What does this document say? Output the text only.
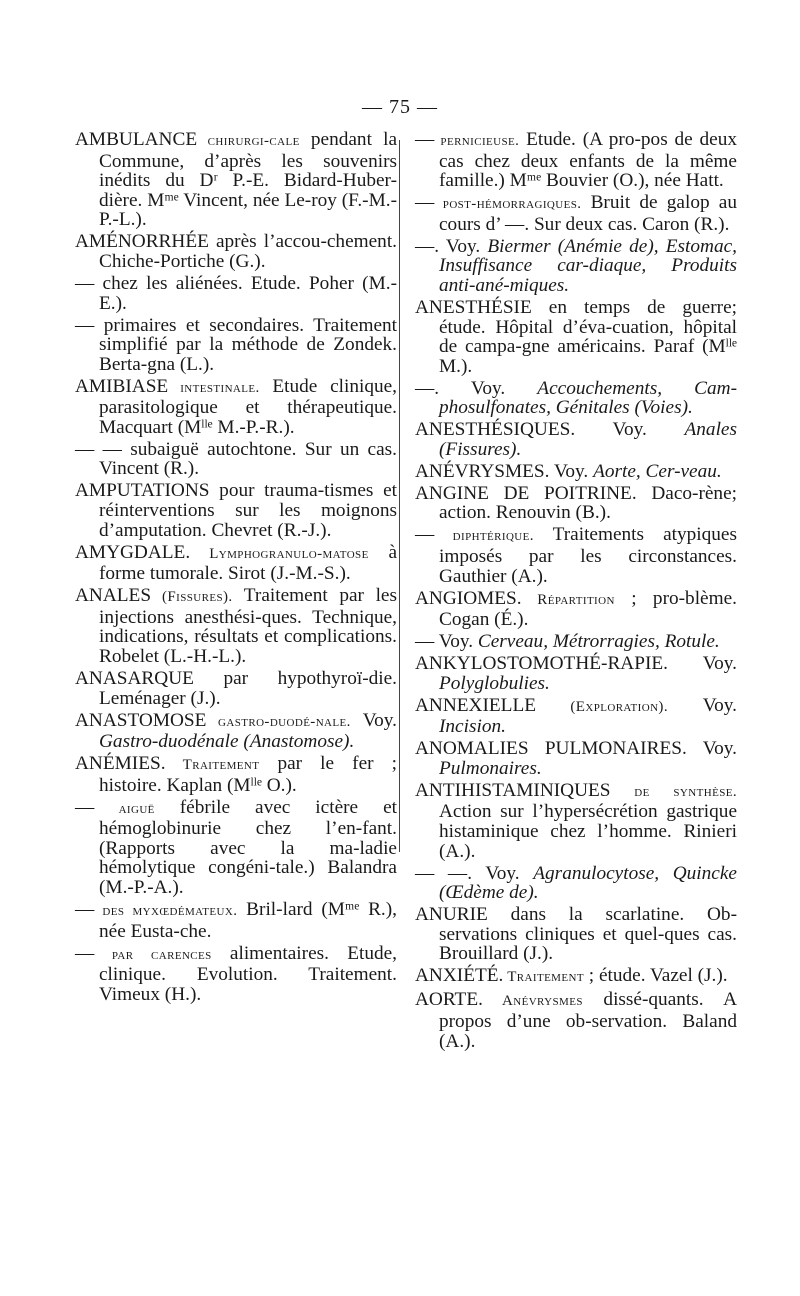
— 75 —

AMBULANCE chirurgi-cale pendant la Commune, d’après les souvenirs inédits du Dʳ P.-E. Bidard-Huber-dière. Mᵐᵉ Vincent, née Le-roy (F.-M.-P.-L.).

AMÉNORRHÉE après l’accou-chement. Chiche-Portiche (G.).

— chez les aliénées. Etude. Poher (M.-E.).

— primaires et secondaires. Traitement simplifié par la méthode de Zondek. Berta-gna (L.).

AMIBIASE intestinale. Etude clinique, parasitologique et thérapeutique. Macquart (Mˡˡᵉ M.-P.-R.).

— — subaiguë autochtone. Sur un cas. Vincent (R.).

AMPUTATIONS pour trauma-tismes et réinterventions sur les moignons d’amputation. Chevret (R.-J.).

AMYGDALE. Lymphogranulo-matose à forme tumorale. Sirot (J.-M.-S.).

ANALES (Fissures). Traitement par les injections anesthési-ques. Technique, indications, résultats et complications. Robelet (L.-H.-L.).

ANASARQUE par hypothyroï-die. Leménager (J.).

ANASTOMOSE gastro-duodé-nale. Voy. Gastro-duodénale (Anastomose).

ANÉMIES. Traitement par le fer ; histoire. Kaplan (Mˡˡᵉ O.).

— aiguë fébrile avec ictère et hémoglobinurie chez l’en-fant. (Rapports avec la ma-ladie hémolytique congéni-tale.) Balandra (M.-P.-A.).

— des myxœdémateux. Bril-lard (Mᵐᵉ R.), née Eusta-che.

— par carences alimentaires. Etude, clinique. Evolution. Traitement. Vimeux (H.).

— pernicieuse. Etude. (A pro-pos de deux cas chez deux enfants de la même famille.) Mᵐᵉ Bouvier (O.), née Hatt.

— post-hémorragiques. Bruit de galop au cours d’ —. Sur deux cas. Caron (R.).

—. Voy. Biermer (Anémie de), Estomac, Insuffisance car-diaque, Produits anti-ané-miques.

ANESTHÉSIE en temps de guerre; étude. Hôpital d’éva-cuation, hôpital de campa-gne américains. Paraf (Mˡˡᵉ M.).

—. Voy. Accouchements, Cam-phosulfonates, Génitales (Voies).

ANESTHÉSIQUES. Voy. Anales (Fissures).

ANÉVRYSMES. Voy. Aorte, Cer-veau.

ANGINE DE POITRINE. Daco-rène; action. Renouvin (B.).

— diphtérique. Traitements atypiques imposés par les circonstances. Gauthier (A.).

ANGIOMES. Répartition ; pro-blème. Cogan (É.).

— Voy. Cerveau, Métrorragies, Rotule.

ANKYLOSTOMOTHÉ-RAPIE. Voy. Polyglobulies.

ANNEXIELLE (Exploration). Voy. Incision.

ANOMALIES PULMONAIRES. Voy. Pulmonaires.

ANTIHISTAMINIQUES de synthèse. Action sur l’hypersécrétion gastrique histaminique chez l’homme. Rinieri (A.).

— —. Voy. Agranulocytose, Quincke (Œdème de).

ANURIE dans la scarlatine. Ob-servations cliniques et quel-ques cas. Brouillard (J.).

ANXIÉTÉ. Traitement ; étude. Vazel (J.).

AORTE. Anévrysmes dissé-quants. A propos d’une ob-servation. Baland (A.).
